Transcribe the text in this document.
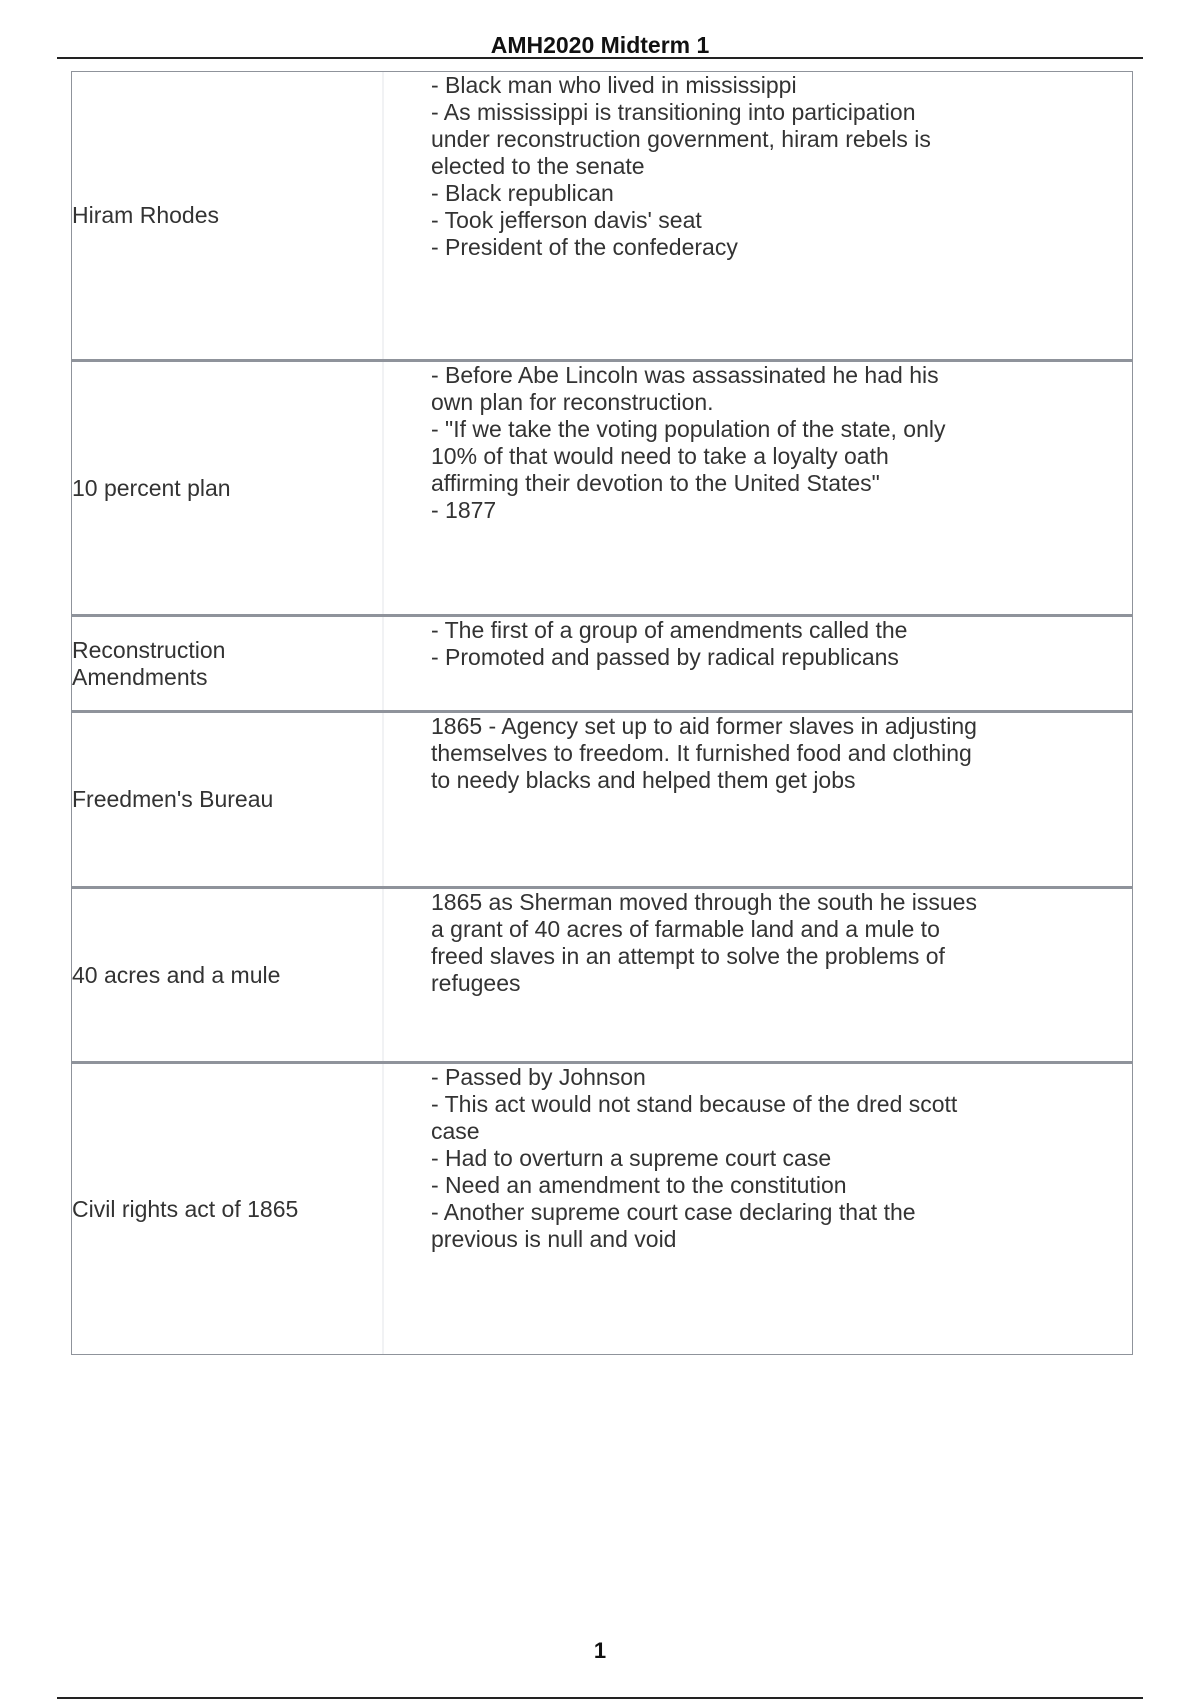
AMH2020 Midterm 1
Hiram Rhodes
- Black man who lived in mississippi
- As mississippi is transitioning into participation
under reconstruction government, hiram rebels is
elected to the senate
- Black republican
- Took jefferson davis' seat
- President of the confederacy
10 percent plan
- Before Abe Lincoln was assassinated he had his
own plan for reconstruction.
- "If we take the voting population of the state, only
10% of that would need to take a loyalty oath
affirming their devotion to the United States"
- 1877
Reconstruction
Amendments
- The first of a group of amendments called the
- Promoted and passed by radical republicans
Freedmen's Bureau
1865 - Agency set up to aid former slaves in adjusting
themselves to freedom. It furnished food and clothing
to needy blacks and helped them get jobs
40 acres and a mule
1865 as Sherman moved through the south he issues
a grant of 40 acres of farmable land and a mule to
freed slaves in an attempt to solve the problems of
refugees
Civil rights act of 1865
- Passed by Johnson
- This act would not stand because of the dred scott
case
- Had to overturn a supreme court case
- Need an amendment to the constitution
- Another supreme court case declaring that the
previous is null and void
1
